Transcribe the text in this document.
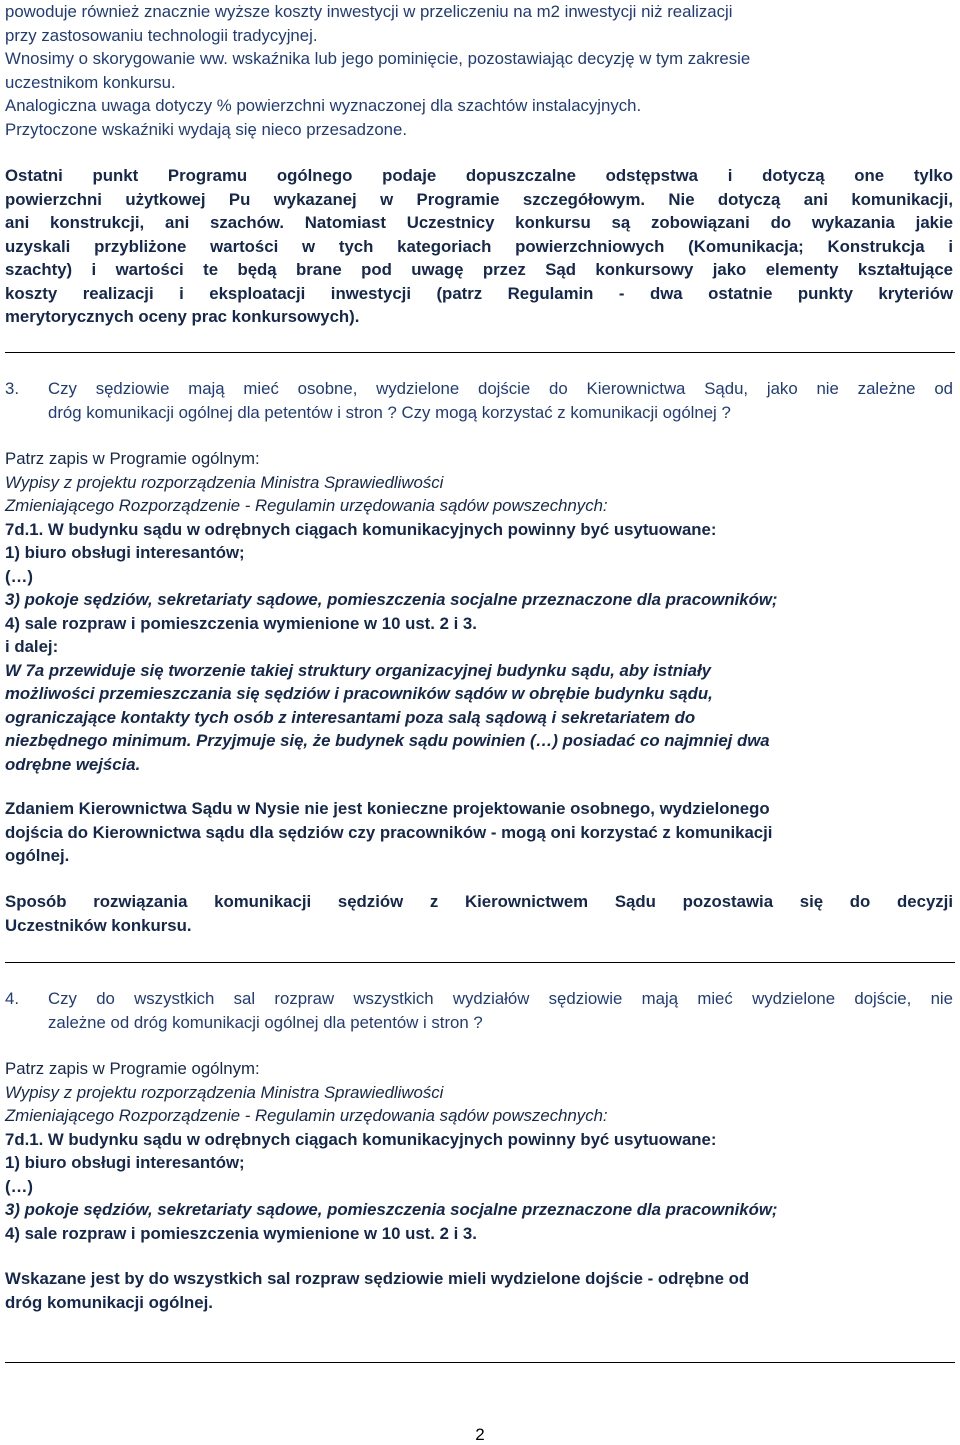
powoduje również znacznie wyższe koszty inwestycji w przeliczeniu na m2 inwestycji niż realizacji
przy zastosowaniu technologii tradycyjnej.
Wnosimy o skorygowanie ww. wskaźnika lub jego pominięcie, pozostawiając decyzję w tym zakresie
uczestnikom konkursu.
Analogiczna uwaga dotyczy % powierzchni wyznaczonej dla szachtów instalacyjnych.
Przytoczone wskaźniki wydają się nieco przesadzone.
Ostatni punkt Programu ogólnego podaje dopuszczalne odstępstwa i dotyczą one tylko
powierzchni użytkowej Pu wykazanej w Programie szczegółowym. Nie dotyczą ani komunikacji,
ani konstrukcji, ani szachów. Natomiast Uczestnicy konkursu są zobowiązani do wykazania jakie
uzyskali przybliżone wartości w tych kategoriach powierzchniowych (Komunikacja; Konstrukcja i
szachty) i wartości te będą brane pod uwagę przez Sąd konkursowy jako elementy kształtujące
koszty realizacji i eksploatacji inwestycji (patrz Regulamin - dwa ostatnie punkty kryteriów
merytorycznych oceny prac konkursowych).
3. Czy sędziowie mają mieć osobne, wydzielone dojście do Kierownictwa Sądu, jako nie zależne od
dróg komunikacji ogólnej dla petentów i stron ? Czy mogą korzystać z komunikacji ogólnej ?
Patrz zapis w Programie ogólnym:
Wypisy z projektu rozporządzenia Ministra Sprawiedliwości
Zmieniającego Rozporządzenie - Regulamin urzędowania sądów powszechnych:
7d.1. W budynku sądu w odrębnych ciągach komunikacyjnych powinny być usytuowane:
1) biuro obsługi interesantów;
(…)
3) pokoje sędziów, sekretariaty sądowe, pomieszczenia socjalne przeznaczone dla pracowników;
4) sale rozpraw i pomieszczenia wymienione w 10 ust. 2 i 3.
i dalej:
W 7a przewiduje się tworzenie takiej struktury organizacyjnej budynku sądu, aby istniały
możliwości przemieszczania się sędziów i pracowników sądów w obrębie budynku sądu,
ograniczające kontakty tych osób z interesantami poza salą sądową i sekretariatem do
niezbędnego minimum. Przyjmuje się, że budynek sądu powinien (…) posiadać co najmniej dwa
odrębne wejścia.
Zdaniem Kierownictwa Sądu w Nysie nie jest konieczne projektowanie osobnego, wydzielonego
dojścia do Kierownictwa sądu dla sędziów czy pracowników - mogą oni korzystać z komunikacji
ogólnej.
Sposób rozwiązania komunikacji sędziów z Kierownictwem Sądu pozostawia się do decyzji
Uczestników konkursu.
4. Czy do wszystkich sal rozpraw wszystkich wydziałów sędziowie mają mieć wydzielone dojście, nie
zależne od dróg komunikacji ogólnej dla petentów i stron ?
Patrz zapis w Programie ogólnym:
Wypisy z projektu rozporządzenia Ministra Sprawiedliwości
Zmieniającego Rozporządzenie - Regulamin urzędowania sądów powszechnych:
7d.1. W budynku sądu w odrębnych ciągach komunikacyjnych powinny być usytuowane:
1) biuro obsługi interesantów;
(…)
3) pokoje sędziów, sekretariaty sądowe, pomieszczenia socjalne przeznaczone dla pracowników;
4) sale rozpraw i pomieszczenia wymienione w 10 ust. 2 i 3.
Wskazane jest by do wszystkich sal rozpraw sędziowie mieli wydzielone dojście - odrębne od
dróg komunikacji ogólnej.
2
